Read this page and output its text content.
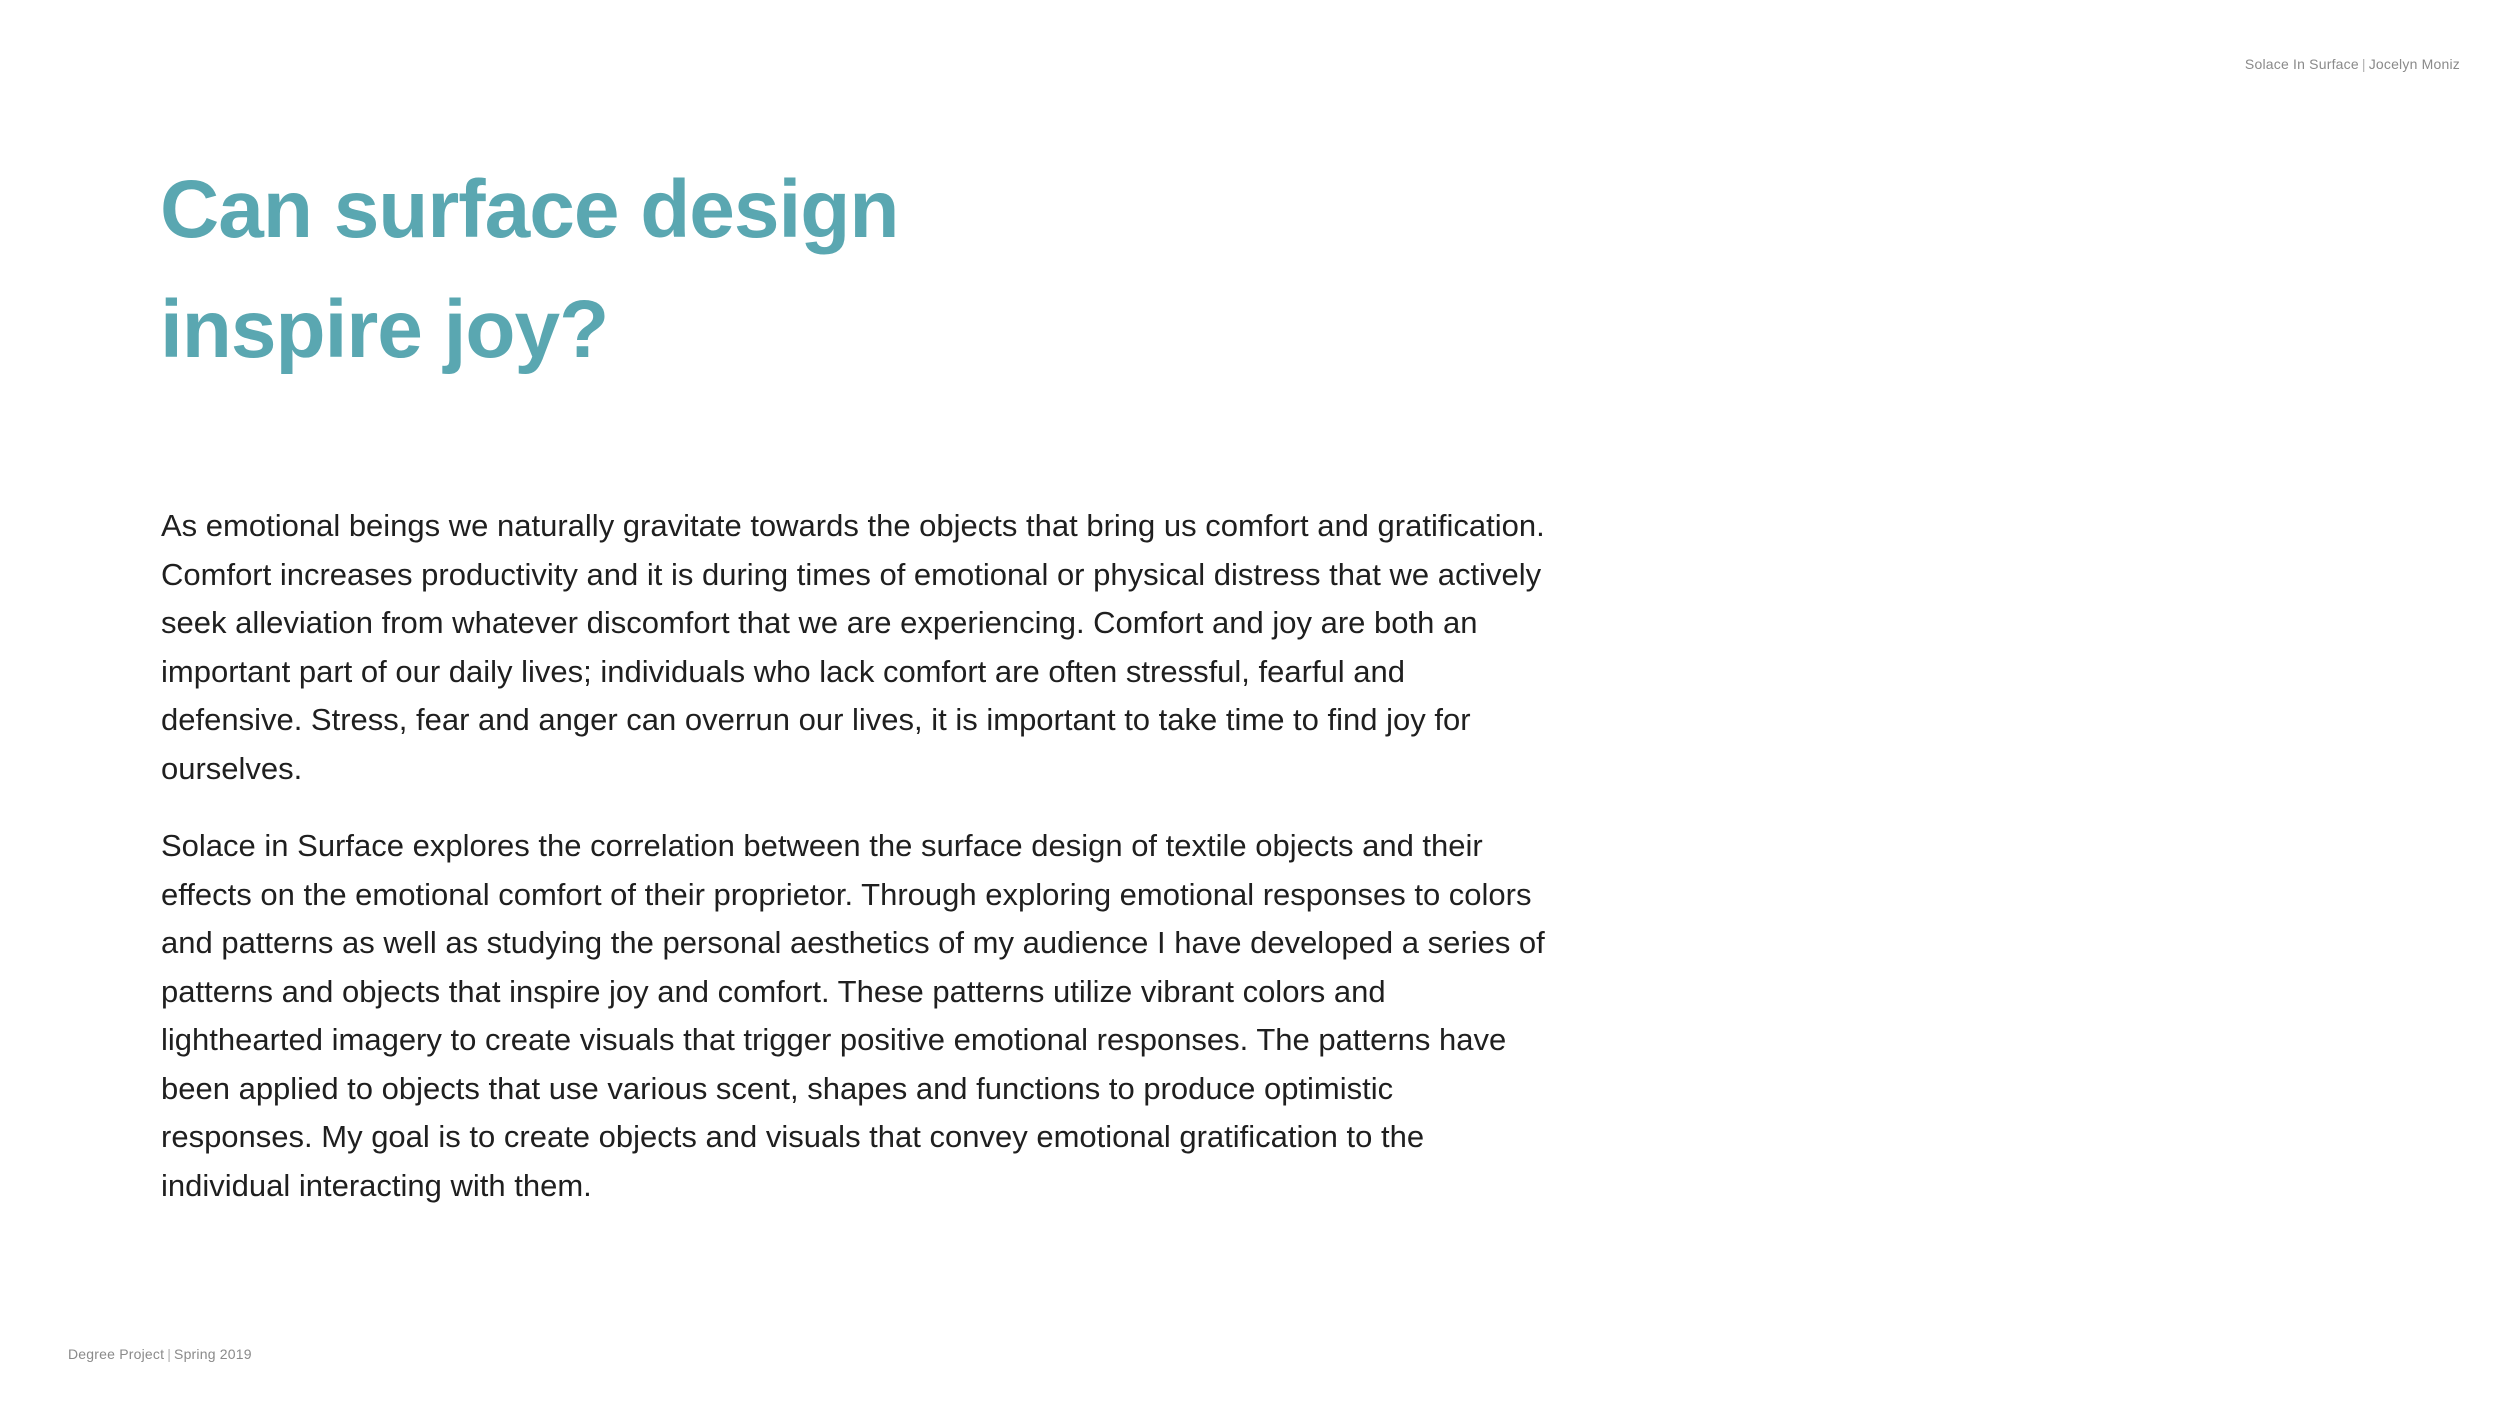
Solace In Surface | Jocelyn Moniz
Can surface design
inspire joy?

As emotional beings we naturally gravitate towards the objects that bring us comfort and gratification. Comfort increases productivity and it is during times of emotional or physical distress that we actively seek alleviation from whatever discomfort that we are experiencing. Comfort and joy are both an important part of our daily lives; individuals who lack comfort are often stressful, fearful and defensive. Stress, fear and anger can overrun our lives, it is important to take time to find joy for ourselves.

Solace in Surface explores the correlation between the surface design of textile objects and their effects on the emotional comfort of their proprietor. Through exploring emotional responses to colors and patterns as well as studying the personal aesthetics of my audience I have developed a series of patterns and objects that inspire joy and comfort. These patterns utilize vibrant colors and lighthearted imagery to create visuals that trigger positive emotional responses. The patterns have been applied to objects that use various scent, shapes and functions to produce optimistic responses. My goal is to create objects and visuals that convey emotional gratification to the individual interacting with them.

Degree Project | Spring 2019
